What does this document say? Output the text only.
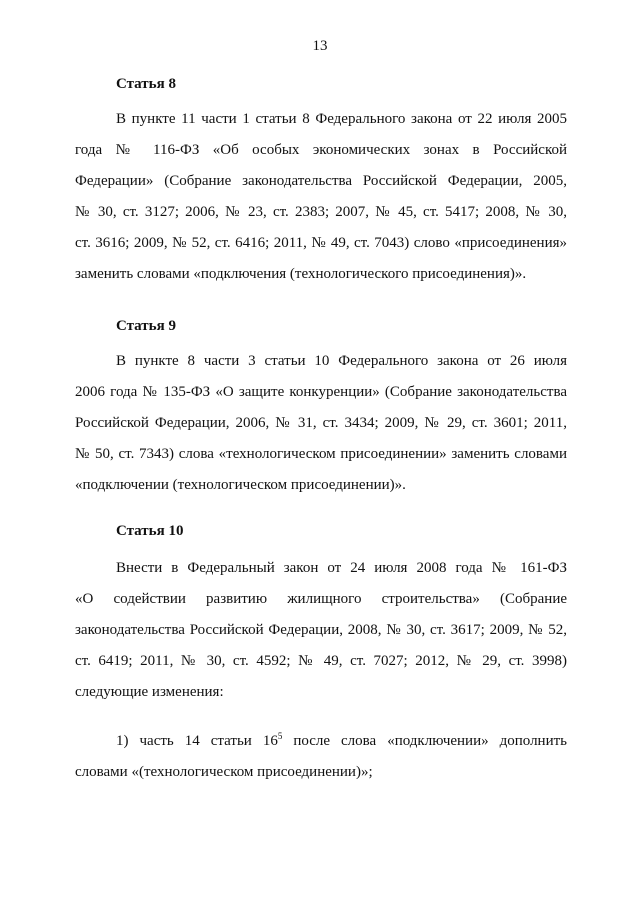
13
Статья 8
В пункте 11 части 1 статьи 8 Федерального закона от 22 июля 2005
года № 116-ФЗ «Об особых экономических зонах в Российской
Федерации» (Собрание законодательства Российской Федерации, 2005,
№ 30, ст. 3127; 2006, № 23, ст. 2383; 2007, № 45, ст. 5417; 2008, № 30,
ст. 3616; 2009, № 52, ст. 6416; 2011, № 49, ст. 7043) слово «присоединения»
заменить словами «подключения (технологического присоединения)».
Статья 9
В пункте 8 части 3 статьи 10 Федерального закона от 26 июля
2006 года № 135-ФЗ «О защите конкуренции» (Собрание законодательства
Российской Федерации, 2006, № 31, ст. 3434; 2009, № 29, ст. 3601; 2011,
№ 50, ст. 7343) слова «технологическом присоединении» заменить словами
«подключении (технологическом присоединении)».
Статья 10
Внести в Федеральный закон от 24 июля 2008 года № 161-ФЗ
«О содействии развитию жилищного строительства» (Собрание
законодательства Российской Федерации, 2008, № 30, ст. 3617; 2009, № 52,
ст. 6419; 2011, № 30, ст. 4592; № 49, ст. 7027; 2012, № 29, ст. 3998)
следующие изменения:
1) часть 14 статьи $16^5$ после слова «подключении» дополнить
словами «(технологическом присоединении)»;
